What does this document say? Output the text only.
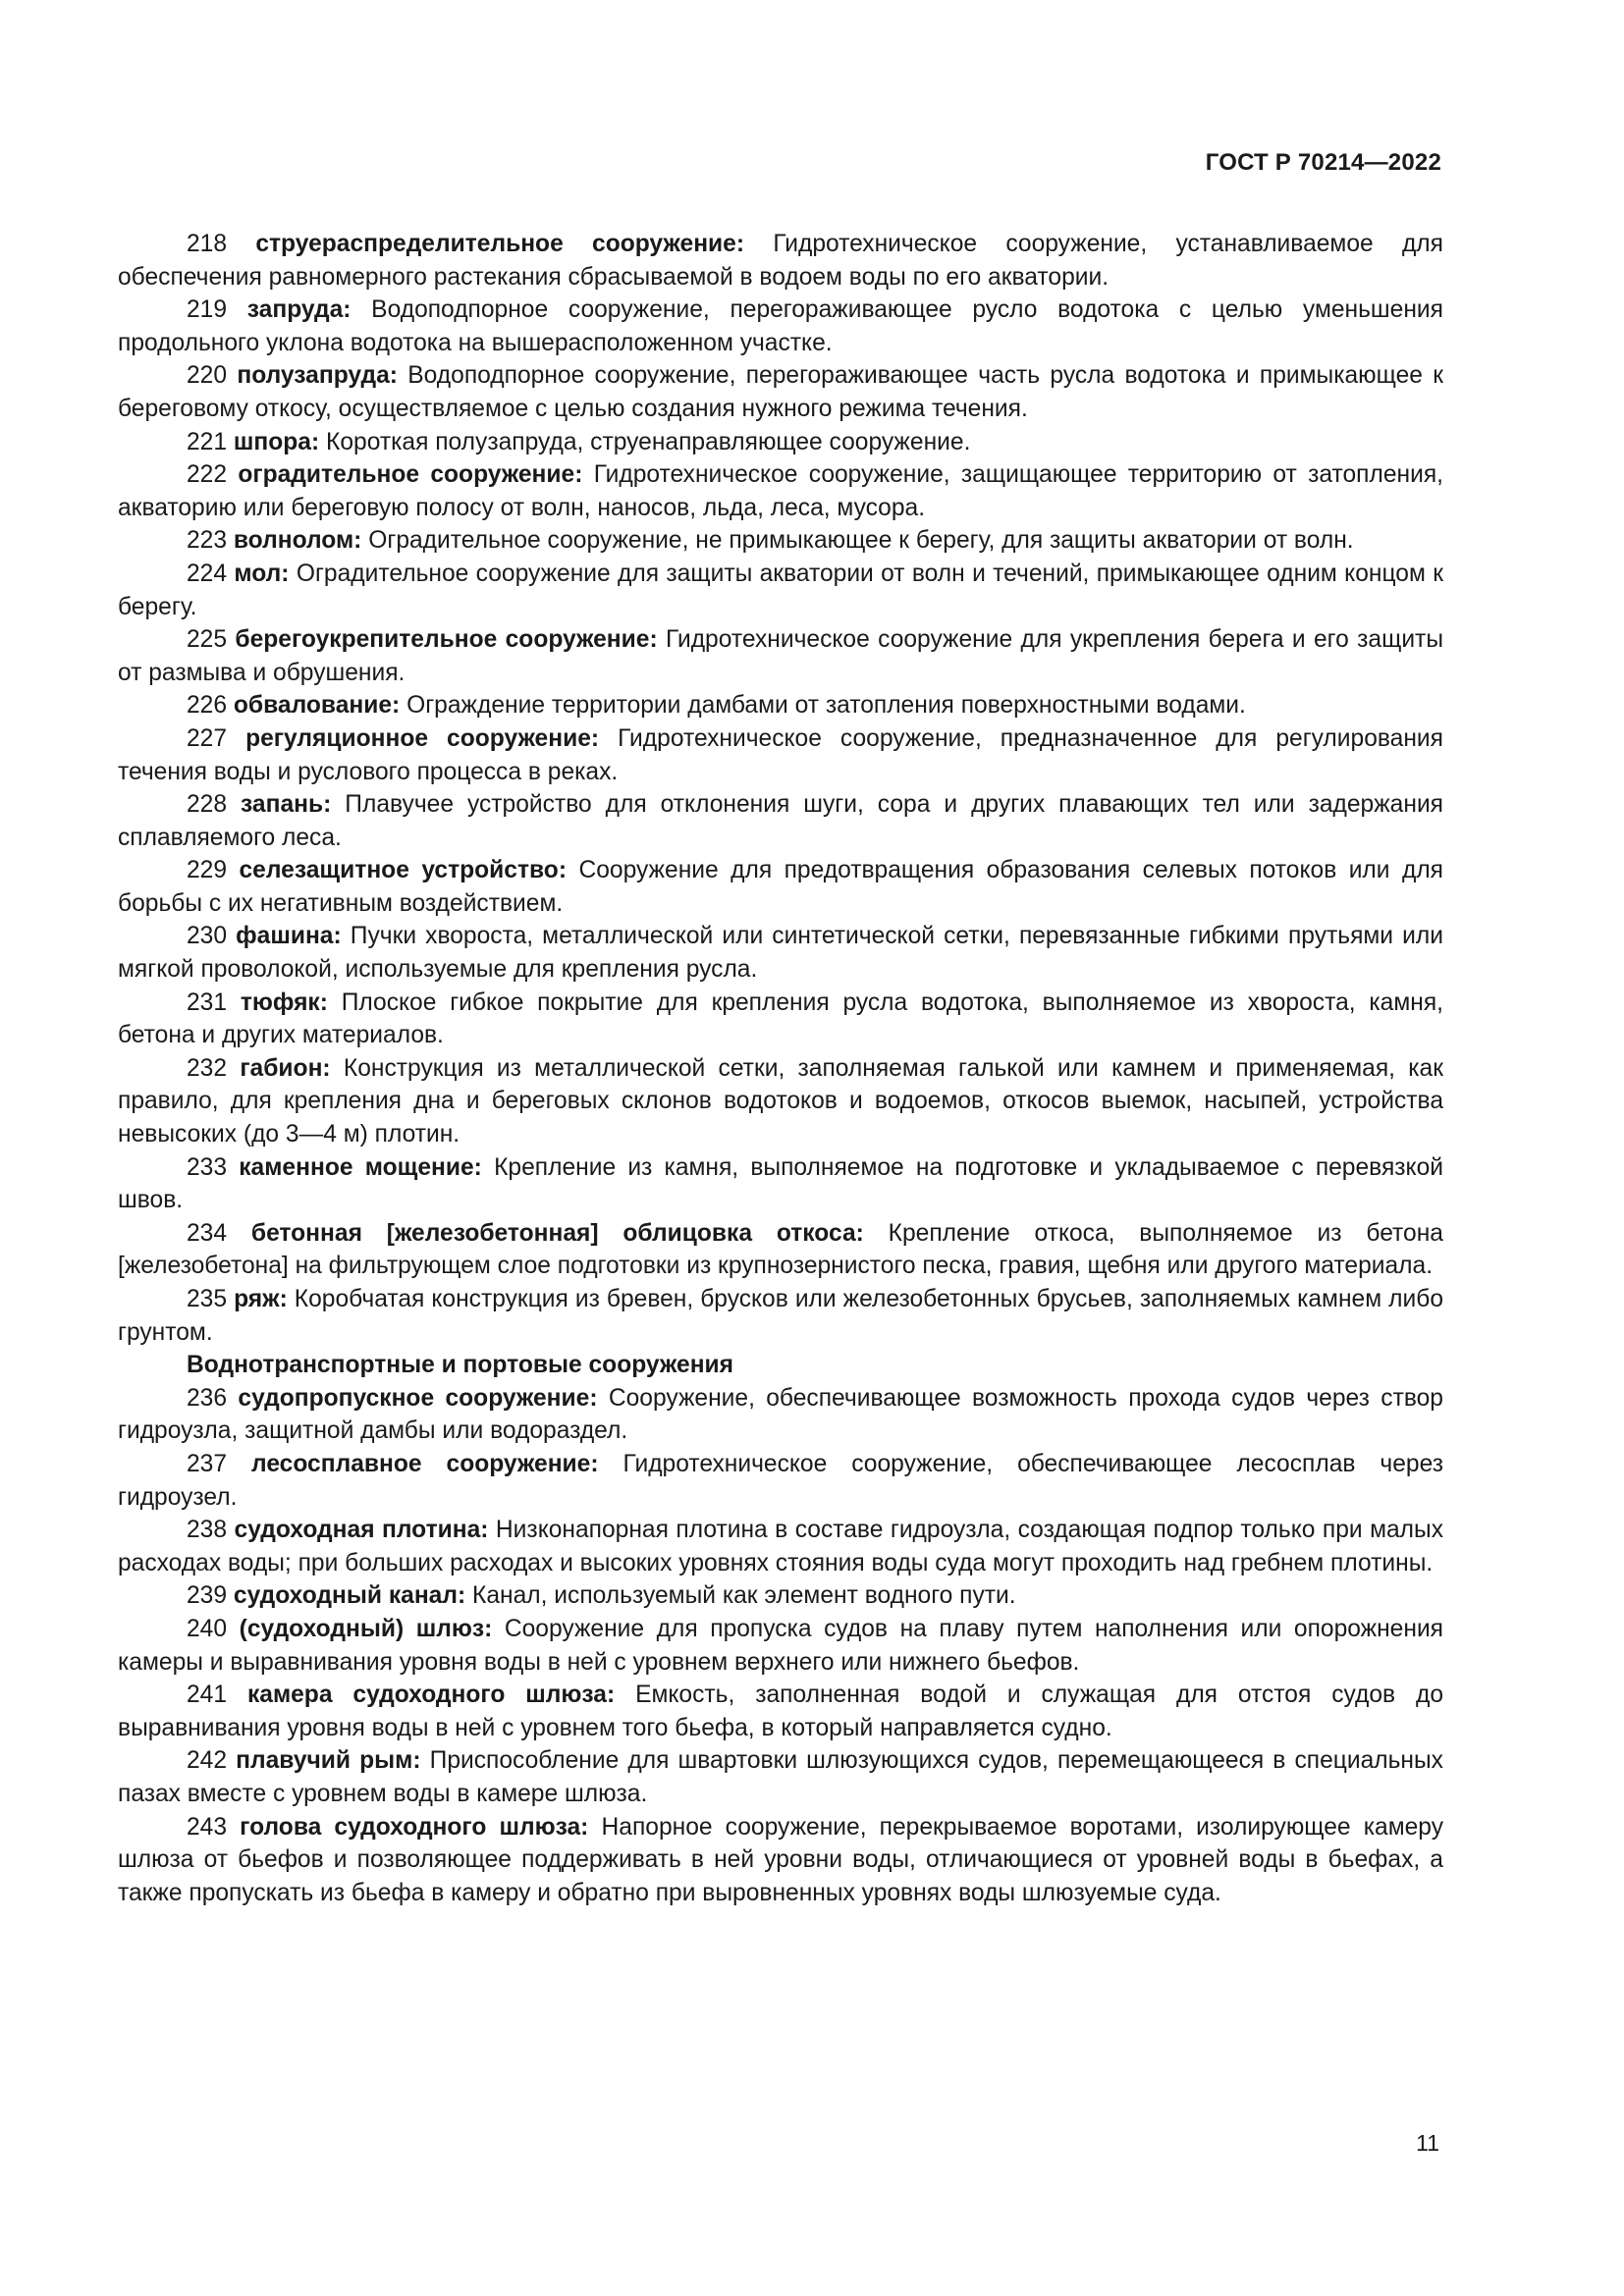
ГОСТ Р 70214—2022

218 струераспределительное сооружение: Гидротехническое сооружение, устанавливаемое для обеспечения равномерного растекания сбрасываемой в водоем воды по его акватории.

219 запруда: Водоподпорное сооружение, перегораживающее русло водотока с целью уменьшения продольного уклона водотока на вышерасположенном участке.

220 полузапруда: Водоподпорное сооружение, перегораживающее часть русла водотока и примыкающее к береговому откосу, осуществляемое с целью создания нужного режима течения.

221 шпора: Короткая полузапруда, струенаправляющее сооружение.

222 оградительное сооружение: Гидротехническое сооружение, защищающее территорию от затопления, акваторию или береговую полосу от волн, наносов, льда, леса, мусора.

223 волнолом: Оградительное сооружение, не примыкающее к берегу, для защиты акватории от волн.

224 мол: Оградительное сооружение для защиты акватории от волн и течений, примыкающее одним концом к берегу.

225 берегоукрепительное сооружение: Гидротехническое сооружение для укрепления берега и его защиты от размыва и обрушения.

226 обвалование: Ограждение территории дамбами от затопления поверхностными водами.

227 регуляционное сооружение: Гидротехническое сооружение, предназначенное для регулирования течения воды и руслового процесса в реках.

228 запань: Плавучее устройство для отклонения шуги, сора и других плавающих тел или задержания сплавляемого леса.

229 селезащитное устройство: Сооружение для предотвращения образования селевых потоков или для борьбы с их негативным воздействием.

230 фашина: Пучки хвороста, металлической или синтетической сетки, перевязанные гибкими прутьями или мягкой проволокой, используемые для крепления русла.

231 тюфяк: Плоское гибкое покрытие для крепления русла водотока, выполняемое из хвороста, камня, бетона и других материалов.

232 габион: Конструкция из металлической сетки, заполняемая галькой или камнем и применяемая, как правило, для крепления дна и береговых склонов водотоков и водоемов, откосов выемок, насыпей, устройства невысоких (до 3—4 м) плотин.

233 каменное мощение: Крепление из камня, выполняемое на подготовке и укладываемое с перевязкой швов.

234 бетонная [железобетонная] облицовка откоса: Крепление откоса, выполняемое из бетона [железобетона] на фильтрующем слое подготовки из крупнозернистого песка, гравия, щебня или другого материала.

235 ряж: Коробчатая конструкция из бревен, брусков или железобетонных брусьев, заполняемых камнем либо грунтом.

Воднотранспортные и портовые сооружения

236 судопропускное сооружение: Сооружение, обеспечивающее возможность прохода судов через створ гидроузла, защитной дамбы или водораздел.

237 лесосплавное сооружение: Гидротехническое сооружение, обеспечивающее лесосплав через гидроузел.

238 судоходная плотина: Низконапорная плотина в составе гидроузла, создающая подпор только при малых расходах воды; при больших расходах и высоких уровнях стояния воды суда могут проходить над гребнем плотины.

239 судоходный канал: Канал, используемый как элемент водного пути.

240 (судоходный) шлюз: Сооружение для пропуска судов на плаву путем наполнения или опорожнения камеры и выравнивания уровня воды в ней с уровнем верхнего или нижнего бьефов.

241 камера судоходного шлюза: Емкость, заполненная водой и служащая для отстоя судов до выравнивания уровня воды в ней с уровнем того бьефа, в который направляется судно.

242 плавучий рым: Приспособление для швартовки шлюзующихся судов, перемещающееся в специальных пазах вместе с уровнем воды в камере шлюза.

243 голова судоходного шлюза: Напорное сооружение, перекрываемое воротами, изолирующее камеру шлюза от бьефов и позволяющее поддерживать в ней уровни воды, отличающиеся от уровней воды в бьефах, а также пропускать из бьефа в камеру и обратно при выровненных уровнях воды шлюзуемые суда.

11
